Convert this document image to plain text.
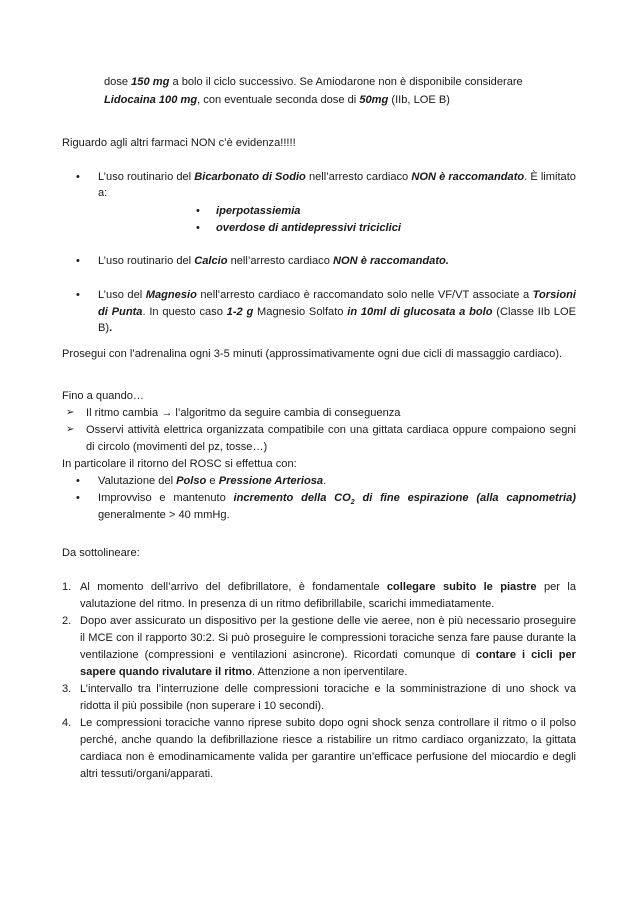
dose 150 mg a bolo il ciclo successivo. Se Amiodarone non è disponibile considerare

Lidocaina 100 mg, con eventuale seconda dose di 50mg (IIb, LOE B)

Riguardo agli altri farmaci NON c’è evidenza!!!!!

• L’uso routinario del Bicarbonato di Sodio nell’arresto cardiaco NON è raccomandato. È limitato a:

• iperpotassiemia
• overdose di antidepressivi triciclici
• L’uso routinario del Calcio nell’arresto cardiaco NON è raccomandato.

• L’uso del Magnesio nell’arresto cardiaco è raccomandato solo nelle VF/VT associate a Torsioni di Punta. In questo caso 1-2 g Magnesio Solfato in 10ml di glucosata a bolo (Classe IIb LOE B).

Prosegui con l’adrenalina ogni 3-5 minuti (approssimativamente ogni due cicli di massaggio cardiaco).

Fino a quando…

➢ Il ritmo cambia → l’algoritmo da seguire cambia di conseguenza

➢ Osservi attività elettrica organizzata compatibile con una gittata cardiaca oppure compaiono segni di circolo (movimenti del pz, tosse…)

In particolare il ritorno del ROSC si effettua con:

• Valutazione del Polso e Pressione Arteriosa.

• Improvviso e mantenuto incremento della $CO_2$ di fine espirazione (alla capnometria) generalmente > 40 mmHg.

Da sottolineare:

1. Al momento dell’arrivo del defibrillatore, è fondamentale collegare subito le piastre per la valutazione del ritmo. In presenza di un ritmo defibrillabile, scarichi immediatamente.

2. Dopo aver assicurato un dispositivo per la gestione delle vie aeree, non è più necessario proseguire il MCE con il rapporto 30:2. Si può proseguire le compressioni toraciche senza fare pause durante la ventilazione (compressioni e ventilazioni asincrone). Ricordati comunque di contare i cicli per sapere quando rivalutare il ritmo. Attenzione a non iperventilare.

3. L’intervallo tra l’interruzione delle compressioni toraciche e la somministrazione di uno shock va ridotta il più possibile (non superare i 10 secondi).

4. Le compressioni toraciche vanno riprese subito dopo ogni shock senza controllare il ritmo o il polso perché, anche quando la defibrillazione riesce a ristabilire un ritmo cardiaco organizzato, la gittata cardiaca non è emodinamicamente valida per garantire un’efficace perfusione del miocardio e degli altri tessuti/organi/apparati.
